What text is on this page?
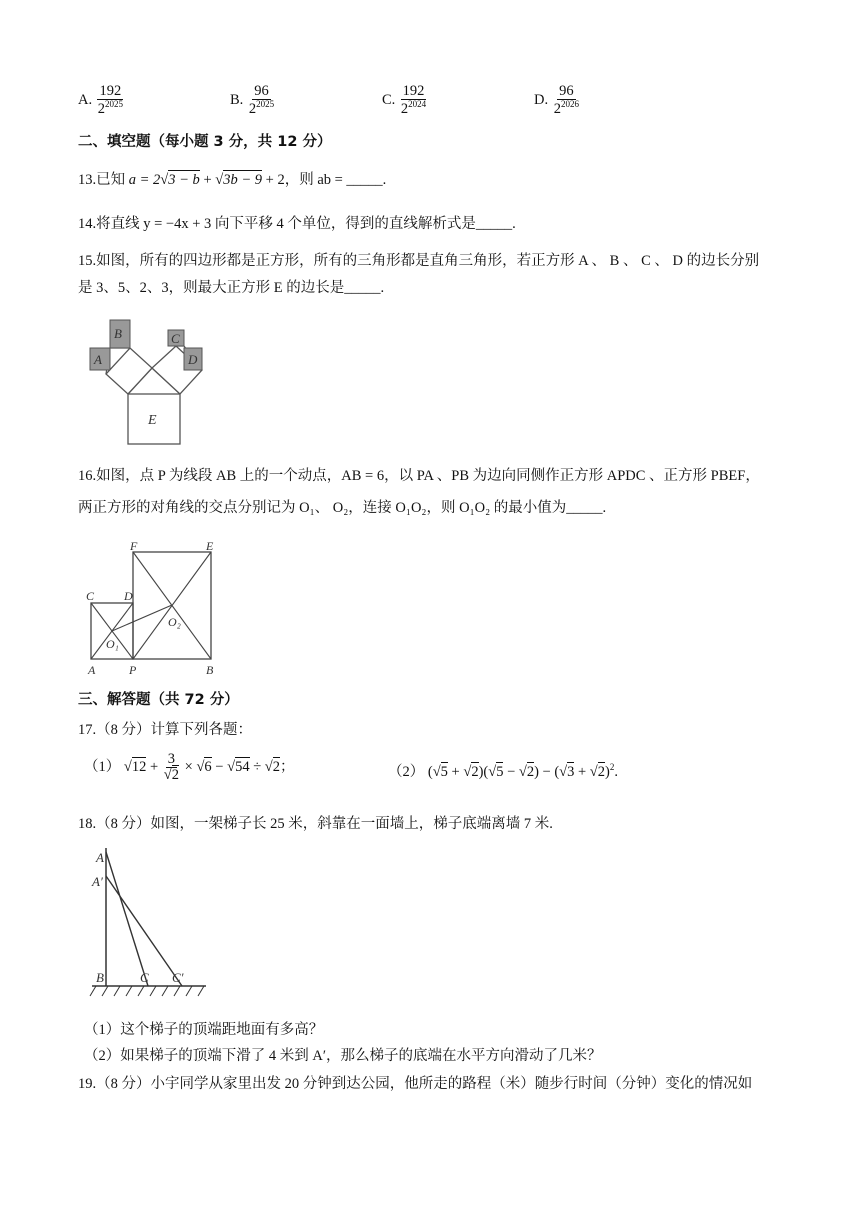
A. $\frac{192}{2^{2025}}$	B. $\frac{96}{2^{2025}}$	C. $\frac{192}{2^{2024}}$	D. $\frac{96}{2^{2026}}$
二、填空题（每小题 3 分，共 12 分）
13.已知 a = 2√3 − b + √3b − 9 + 2，则 ab = _____.
14.将直线 y = −4x + 3 向下平移 4 个单位，得到的直线解析式是_____.
15.如图，所有的四边形都是正方形，所有的三角形都是直角三角形，若正方形 A 、 B 、 C 、 D 的边长分别
是 3、5、2、3，则最大正方形 E 的边长是_____.
A
B	C
D
E
16.如图，点 P 为线段 AB 上的一个动点，AB = 6，以 PA 、PB 为边向同侧作正方形 APDC 、正方形 PBEF，
两正方形的对角线的交点分别记为 O₁、 O₂，连接 O₁O₂，则 O₁O₂ 的最小值为_____.
F	E
C D
O₁
O₂
A	P	B
三、解答题（共 72 分）
17.（8 分）计算下列各题：
（1） $√12 + \frac{3}{√2} \times √6 - √54 \div √2$；	（2） $(√5 + √2)(√5 - √2) - (√3 + √2)^2$.
18.（8 分）如图，一架梯子长 25 米，斜靠在一面墙上，梯子底端离墙 7 米.
A
A′
B	C C′
（1）这个梯子的顶端距地面有多高？
（2）如果梯子的顶端下滑了 4 米到 A′，那么梯子的底端在水平方向滑动了几米？
19.（8 分）小宇同学从家里出发 20 分钟到达公园，他所走的路程（米）随步行时间（分钟）变化的情况如
